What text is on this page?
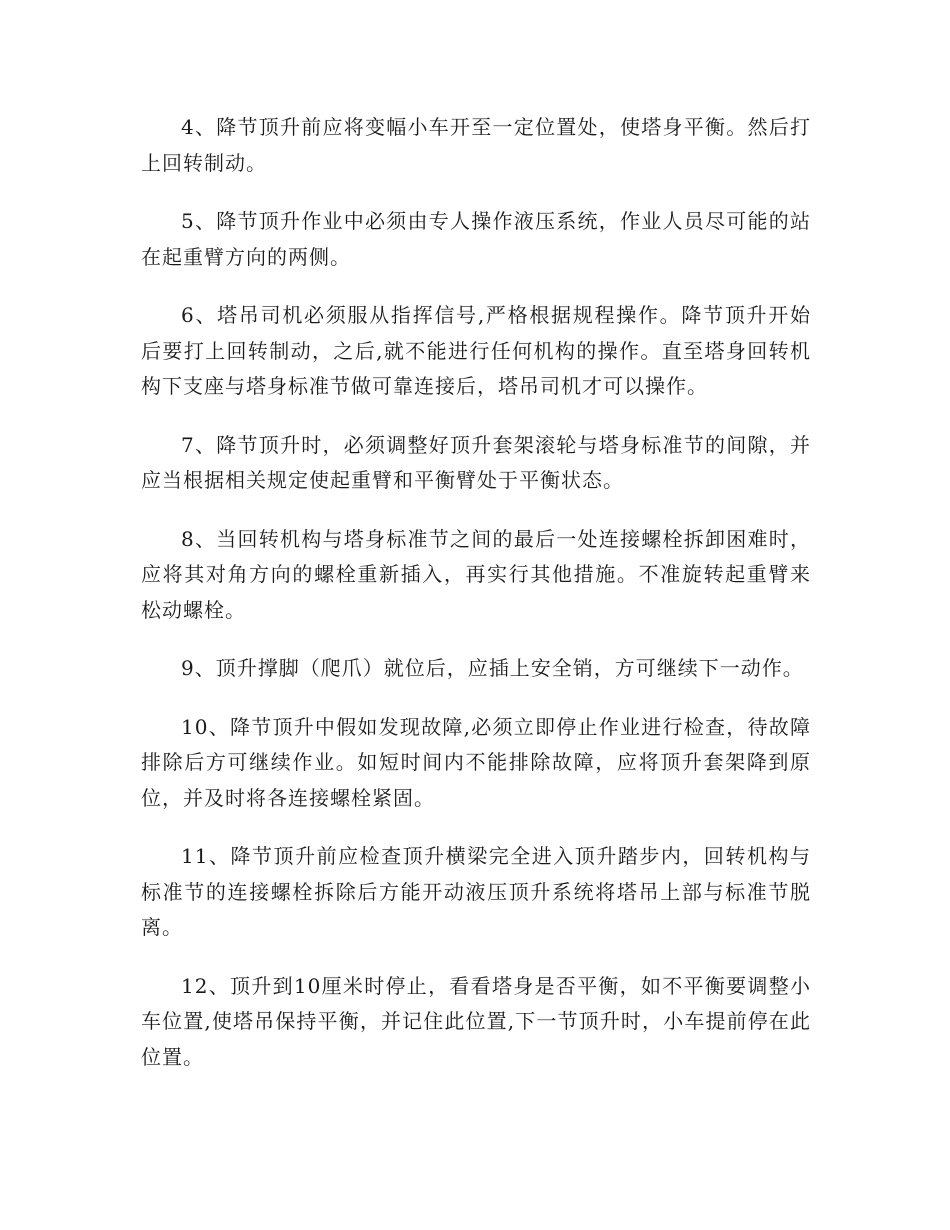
4、降节顶升前应将变幅小车开至一定位置处，使塔身平衡。然后打上回转制动。

5、降节顶升作业中必须由专人操作液压系统，作业人员尽可能的站在起重臂方向的两侧。

6、塔吊司机必须服从指挥信号,严格根据规程操作。降节顶升开始后要打上回转制动，之后,就不能进行任何机构的操作。直至塔身回转机构下支座与塔身标准节做可靠连接后，塔吊司机才可以操作。

7、降节顶升时，必须调整好顶升套架滚轮与塔身标准节的间隙，并应当根据相关规定使起重臂和平衡臂处于平衡状态。

8、当回转机构与塔身标准节之间的最后一处连接螺栓拆卸困难时，应将其对角方向的螺栓重新插入，再实行其他措施。不准旋转起重臂来松动螺栓。

9、顶升撑脚（爬爪）就位后，应插上安全销，方可继续下一动作。

10、降节顶升中假如发现故障,必须立即停止作业进行检查，待故障排除后方可继续作业。如短时间内不能排除故障，应将顶升套架降到原位，并及时将各连接螺栓紧固。

11、降节顶升前应检查顶升横梁完全进入顶升踏步内，回转机构与标准节的连接螺栓拆除后方能开动液压顶升系统将塔吊上部与标准节脱离。

12、顶升到10厘米时停止，看看塔身是否平衡，如不平衡要调整小车位置,使塔吊保持平衡，并记住此位置,下一节顶升时，小车提前停在此位置。
